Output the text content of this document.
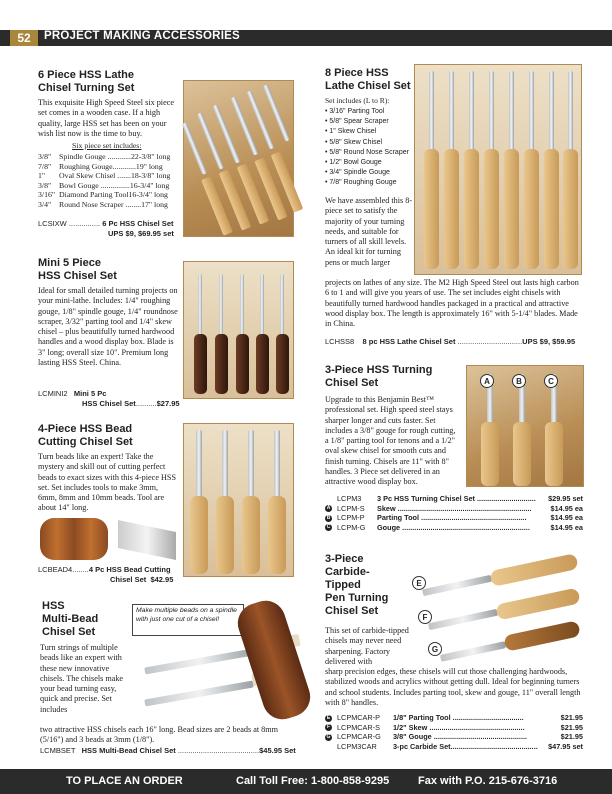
52	PROJECT MAKING ACCESSORIES
6 Piece HSS Lathe
Chisel Turning Set
This exquisite High Speed Steel six piece set comes in a wooden case. If a high quality, large HSS set has been on your wish list now is the time to buy.
Six piece set includes:
3/8"	Spindle Gouge ............22-3/8" long
7/8"	Roughing Gouge............19" long
1"	Oval Skew Chisel .......18-3/8" long
3/8"	Bowl Gouge ...............16-3/4" long
3/16"	Diamond Parting Tool16-3/4" long
3/4"	Round Nose Scraper ........17" long
LCSIXW ............... 6 Pc HSS Chisel Set
UPS $9, $69.95 set
Mini 5 Piece
HSS Chisel Set
Ideal for small detailed turning projects on your mini-lathe. Includes: 1/4" roughing gouge, 1/8" spindle gouge, 1/4" roundnose scraper, 3/32" parting tool and 1/4" skew chisel – plus beautifully turned hardwood handles and a wood display box. Blade is 3" long; overall size 10". Premium long lasting HSS Steel. China.
LCMINI2 Mini 5 Pc
HSS Chisel Set..........$27.95
4-Piece HSS Bead
Cutting Chisel Set
Turn beads like an expert! Take the mystery and skill out of cutting perfect beads to exact sizes with this 4-piece HSS set. Set includes tools to make 3mm, 6mm, 8mm and 10mm beads. Tool are about 14" long.
LCBEAD4........4 Pc HSS Bead Cutting
Chisel Set $42.95
HSS
Multi-Bead
Chisel Set
Turn strings of multiple beads like an expert with these new innovative chisels. The chisels make your bead turning easy, quick and precise. Set includes
two attractive HSS chisels each 16" long. Bead sizes are 2 beads at 8mm (5/16") and 3 beads at 3mm (1/8").
Make multiple beads on a spindle with just one cut of a chisel!
LCMBSET HSS Multi-Bead Chisel Set .......................................$45.95 Set
8 Piece HSS
Lathe Chisel Set
Set includes (L to R):
• 3/16" Parting Tool
• 5/8" Spear Scraper
• 1" Skew Chisel
• 5/8" Skew Chisel
• 5/8" Round Nose Scraper
• 1/2" Bowl Gouge
• 3/4" Spindle Gouge
• 7/8" Roughing Gouge
We have assembled this 8-piece set to satisfy the majority of your turning needs, and suitable for turners of all skill levels. An ideal kit for turning pens or much larger
projects on lathes of any size. The M2 High Speed Steel out lasts high carbon 6 to 1 and will give you years of use. The set includes eight chisels with beautifully turned hardwood handles packaged in a practical and attractive wood display box. The length is approximately 16" with 5-1/4" blades. Made in China.
LCHSS8 8 pc HSS Lathe Chisel Set ...............................UPS $9, $59.95
3-Piece HSS Turning
Chisel Set
Upgrade to this Benjamin Best™ professional set. High speed steel stays sharper longer and cuts faster. Set includes a 3/8" gouge for rough cutting, a 1/8" parting tool for tenons and a 1/2" oval skew chisel for smooth cuts and finish turning. Chisels are 11" with 8" handles. 3 Piece set delivered in an attractive wood display box.
A	B	C
	LCPM3	3 Pc HSS Turning Chisel Set .............................	$29.95 set
A	LCPM-S	Skew ..................................................................	$14.95 ea
B	LCPM-P	Parting Tool ....................................................	$14.95 ea
C	LCPM-G	Gouge ...............................................................	$14.95 ea
3-Piece
Carbide-
Tipped
Pen Turning
Chisel Set
This set of carbide-tipped chisels may never need sharpening. Factory delivered with
sharp precision edges, these chisels will cut those challenging hardwoods, stabilized woods and acrylics without getting dull. Ideal for beginning turners and school students. Includes parting tool, skew and gouge, 11" overall length with 8" handles.
E
F
G
E	LCPMCAR-P	1/8" Parting Tool ...................................	$21.95
F	LCPMCAR-S	1/2" Skew ...............................................	$21.95
G	LCPMCAR-G	3/8" Gouge ..............................................	$21.95
	LCPM3CAR	3-pc Carbide Set...........................................	$47.95 set
TO PLACE AN ORDER	Call Toll Free: 1-800-858-9295	Fax with P.O. 215-676-3716
